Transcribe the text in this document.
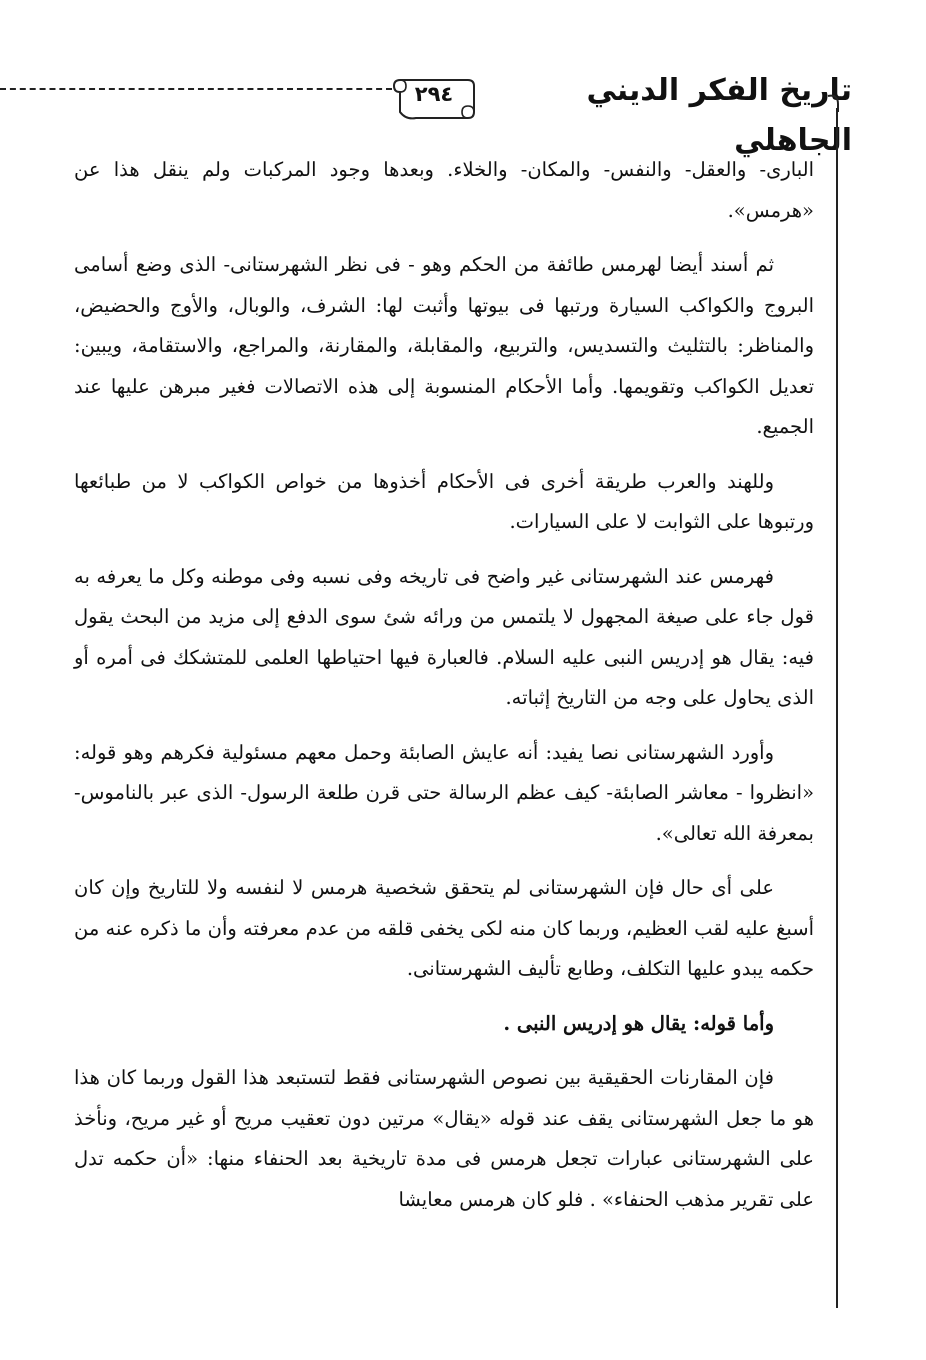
٢٩٤	تاريخ الفكر الديني الجاهلي

البارى- والعقل- والنفس- والمكان- والخلاء. وبعدها وجود المركبات ولم ينقل هذا عن «هرمس».

ثم أسند أيضا لهرمس طائفة من الحكم وهو - فى نظر الشهرستانى- الذى وضع أسامى البروج والكواكب السيارة ورتبها فى بيوتها وأثبت لها: الشرف، والوبال، والأوج والحضيض، والمناظر: بالتثليث والتسديس، والتربيع، والمقابلة، والمقارنة، والمراجع، والاستقامة، ويبين: تعديل الكواكب وتقويمها. وأما الأحكام المنسوبة إلى هذه الاتصالات فغير مبرهن عليها عند الجميع.

وللهند والعرب طريقة أخرى فى الأحكام أخذوها من خواص الكواكب لا من طبائعها ورتبوها على الثوابت لا على السيارات.

فهرمس عند الشهرستانى غير واضح فى تاريخه وفى نسبه وفى موطنه وكل ما يعرفه به قول جاء على صيغة المجهول لا يلتمس من ورائه شئ سوى الدفع إلى مزيد من البحث يقول فيه: يقال هو إدريس النبى عليه السلام. فالعبارة فيها احتياطها العلمى للمتشكك فى أمره أو الذى يحاول على وجه من التاريخ إثباته.

وأورد الشهرستانى نصا يفيد: أنه عايش الصابئة وحمل معهم مسئولية فكرهم وهو قوله: «انظروا - معاشر الصابئة- كيف عظم الرسالة حتى قرن طلعة الرسول- الذى عبر بالناموس- بمعرفة الله تعالى».

على أى حال فإن الشهرستانى لم يتحقق شخصية هرمس لا لنفسه ولا للتاريخ وإن كان أسبغ عليه لقب العظيم، وربما كان منه لكى يخفى قلقه من عدم معرفته وأن ما ذكره عنه من حكمه يبدو عليها التكلف، وطابع تأليف الشهرستانى.

وأما قوله: يقال هو إدريس النبى .

فإن المقارنات الحقيقية بين نصوص الشهرستانى فقط لتستبعد هذا القول وربما كان هذا هو ما جعل الشهرستانى يقف عند قوله «يقال» مرتين دون تعقيب مريح أو غير مريح، ونأخذ على الشهرستانى عبارات تجعل هرمس فى مدة تاريخية بعد الحنفاء منها: «أن حكمه تدل على تقرير مذهب الحنفاء» . فلو كان هرمس معايشا
